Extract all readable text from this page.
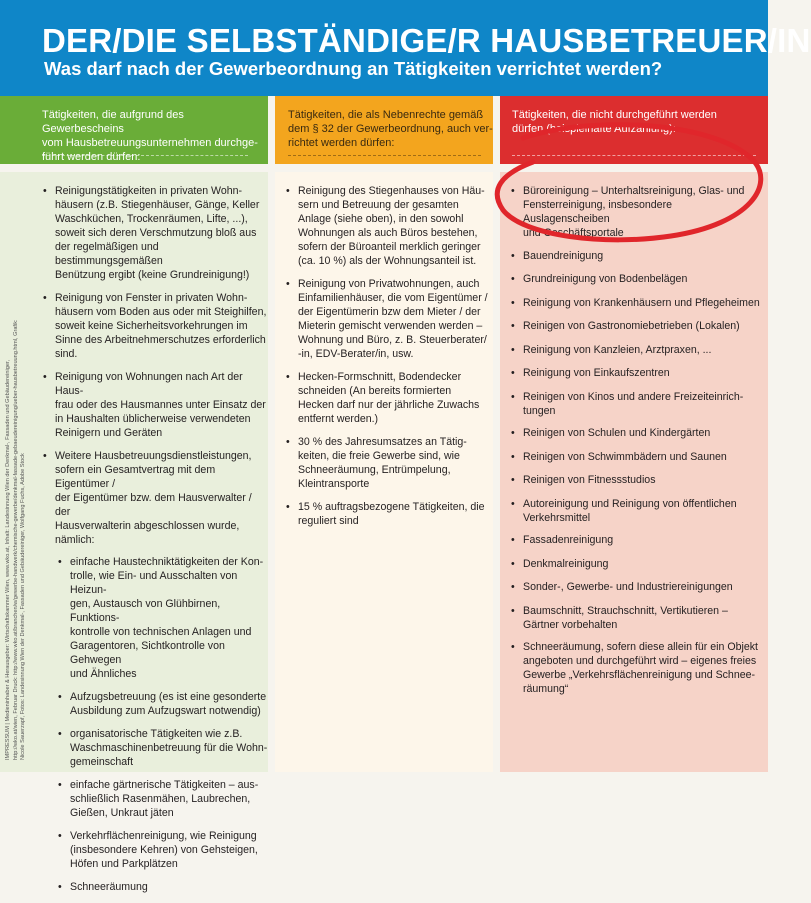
DER/DIE SELBSTÄNDIGE/R HAUSBETREUER/IN
Was darf nach der Gewerbeordnung an Tätigkeiten verrichtet werden?
Tätigkeiten, die aufgrund des Gewerbescheins
vom Hausbetreuungsunternehmen durchge-
führt werden dürfen:
Tätigkeiten, die als Nebenrechte gemäß
dem § 32 der Gewerbeordnung, auch ver-
richtet werden dürfen:
Tätigkeiten, die nicht durchgeführt werden
dürfen (beispielhafte Aufzählung):
IMPRESSUM | Medieninhaber & Herausgeber: Wirtschaftskammer Wien, www.wko.at, Inhalt: Landesinnung Wien der Denkmal-, Fassaden und Gebäudereiniger, http://wko.at/wien, Februar Druck: http://www.wko.at/branchen/w/gewerbe-handwerk/chemische-gewerbe/denkmal-fassade-gebaeudereinigung/ueber-hausbetreuung.html, Grafik: Nicole Sauerzapf, Fotos: Landesinnung Wien der Denkmal-, Fassaden und Gebäudereiniger, Wolfgang Fuchs, Adobe Stock
• Reinigungstätigkeiten in privaten Wohn-
häusern (z.B. Stiegenhäuser, Gänge, Keller
Waschküchen, Trockenräumen, Lifte, ...),
soweit sich deren Verschmutzung bloß aus
der regelmäßigen und bestimmungsgemäßen
Benützung ergibt (keine Grundreinigung!)
• Reinigung von Fenster in privaten Wohn-
häusern vom Boden aus oder mit Steighilfen,
soweit keine Sicherheitsvorkehrungen im
Sinne des Arbeitnehmerschutzes erforderlich
sind.
• Reinigung von Wohnungen nach Art der Haus-
frau oder des Hausmannes unter Einsatz der
in Haushalten üblicherweise verwendeten
Reinigern und Geräten
• Weitere Hausbetreuungsdienstleistungen,
sofern ein Gesamtvertrag mit dem Eigentümer /
der Eigentümer bzw. dem Hausverwalter / der
Hausverwalterin abgeschlossen wurde, nämlich:
• einfache Haustechniktätigkeiten der Kon-
trolle, wie Ein- und Ausschalten von Heizun-
gen, Austausch von Glühbirnen, Funktions-
kontrolle von technischen Anlagen und
Garagentoren, Sichtkontrolle von Gehwegen
und Ähnliches
• Aufzugsbetreuung (es ist eine gesonderte
Ausbildung zum Aufzugswart notwendig)
• organisatorische Tätigkeiten wie z.B.
Waschmaschinenbetreuung für die Wohn-
gemeinschaft
• einfache gärtnerische Tätigkeiten – aus-
schließlich Rasenmähen, Laubrechen,
Gießen, Unkraut jäten
• Verkehrflächenreinigung, wie Reinigung
(insbesondere Kehren) von Gehsteigen,
Höfen und Parkplätzen
• Schneeräumung
• Reinigung des Stiegenhauses von Häu-
sern und Betreuung der gesamten
Anlage (siehe oben), in den sowohl
Wohnungen als auch Büros bestehen,
sofern der Büroanteil merklich geringer
(ca. 10 %) als der Wohnungsanteil ist.
• Reinigung von Privatwohnungen, auch
Einfamilienhäuser, die vom Eigentümer /
der Eigentümerin bzw dem Mieter / der
Mieterin gemischt verwenden werden –
Wohnung und Büro, z. B. Steuerberater/
-in, EDV-Berater/in, usw.
• Hecken-Formschnitt, Bodendecker
schneiden (An bereits formierten
Hecken darf nur der jährliche Zuwachs
entfernt werden.)
• 30 % des Jahresumsatzes an Tätig-
keiten, die freie Gewerbe sind, wie
Schneeräumung, Entrümpelung,
Kleintransporte
• 15 % auftragsbezogene Tätigkeiten, die
reguliert sind
• Büroreinigung – Unterhaltsreinigung, Glas- und
Fensterreinigung, insbesondere Auslagenscheiben
und Geschäftsportale
• Bauendreinigung
• Grundreinigung von Bodenbelägen
• Reinigung von Krankenhäusern und Pflegeheimen
• Reinigen von Gastronomiebetrieben (Lokalen)
• Reinigung von Kanzleien, Arztpraxen, ...
• Reinigung von Einkaufszentren
• Reinigen von Kinos und andere Freizeiteinrich-
tungen
• Reinigen von Schulen und Kindergärten
• Reinigen von Schwimmbädern und Saunen
• Reinigen von Fitnessstudios
• Autoreinigung und Reinigung von öffentlichen
Verkehrsmittel
• Fassadenreinigung
• Denkmalreinigung
• Sonder-, Gewerbe- und Industriereinigungen
• Baumschnitt, Strauchschnitt, Vertikutieren –
Gärtner vorbehalten
• Schneeräumung, sofern diese allein für ein Objekt
angeboten und durchgeführt wird – eigenes freies
Gewerbe „Verkehrsflächenreinigung und Schnee-
räumung“
